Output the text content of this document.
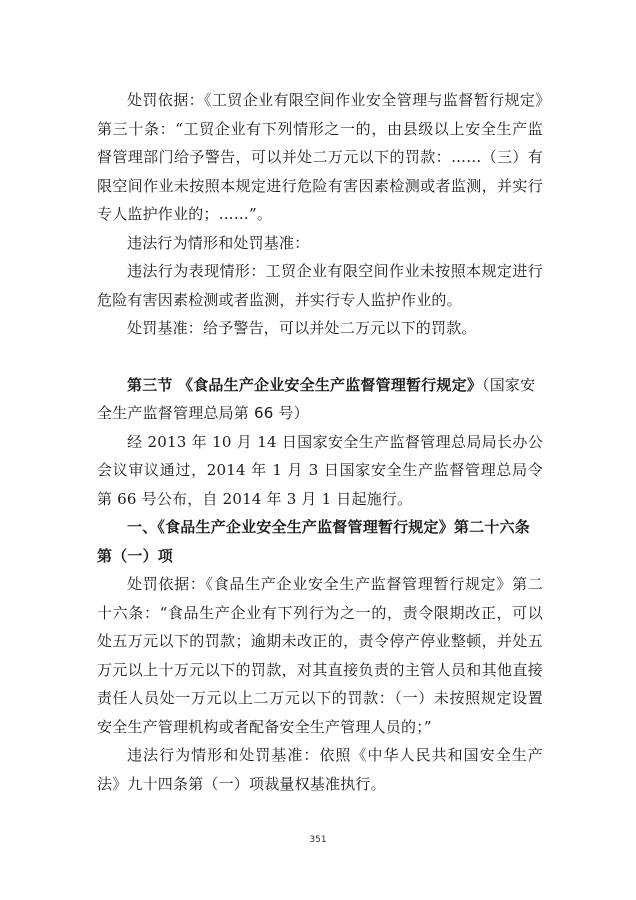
处罚依据：《工贸企业有限空间作业安全管理与监督暂行规定》第三十条：“工贸企业有下列情形之一的，由县级以上安全生产监督管理部门给予警告，可以并处二万元以下的罚款：……（三）有限空间作业未按照本规定进行危险有害因素检测或者监测，并实行专人监护作业的；……”。

违法行为情形和处罚基准：

违法行为表现情形：工贸企业有限空间作业未按照本规定进行危险有害因素检测或者监测，并实行专人监护作业的。

处罚基准：给予警告，可以并处二万元以下的罚款。

第三节 《食品生产企业安全生产监督管理暂行规定》（国家安全生产监督管理总局第 66 号）

经 2013 年 10 月 14 日国家安全生产监督管理总局局长办公会议审议通过，2014 年 1 月 3 日国家安全生产监督管理总局令第 66 号公布，自 2014 年 3 月 1 日起施行。

一、《食品生产企业安全生产监督管理暂行规定》第二十六条第（一）项

处罚依据：《食品生产企业安全生产监督管理暂行规定》第二十六条：“食品生产企业有下列行为之一的，责令限期改正，可以处五万元以下的罚款；逾期未改正的，责令停产停业整顿，并处五万元以上十万元以下的罚款，对其直接负责的主管人员和其他直接责任人员处一万元以上二万元以下的罚款：（一）未按照规定设置安全生产管理机构或者配备安全生产管理人员的；”

违法行为情形和处罚基准：依照《中华人民共和国安全生产法》九十四条第（一）项裁量权基准执行。

351
